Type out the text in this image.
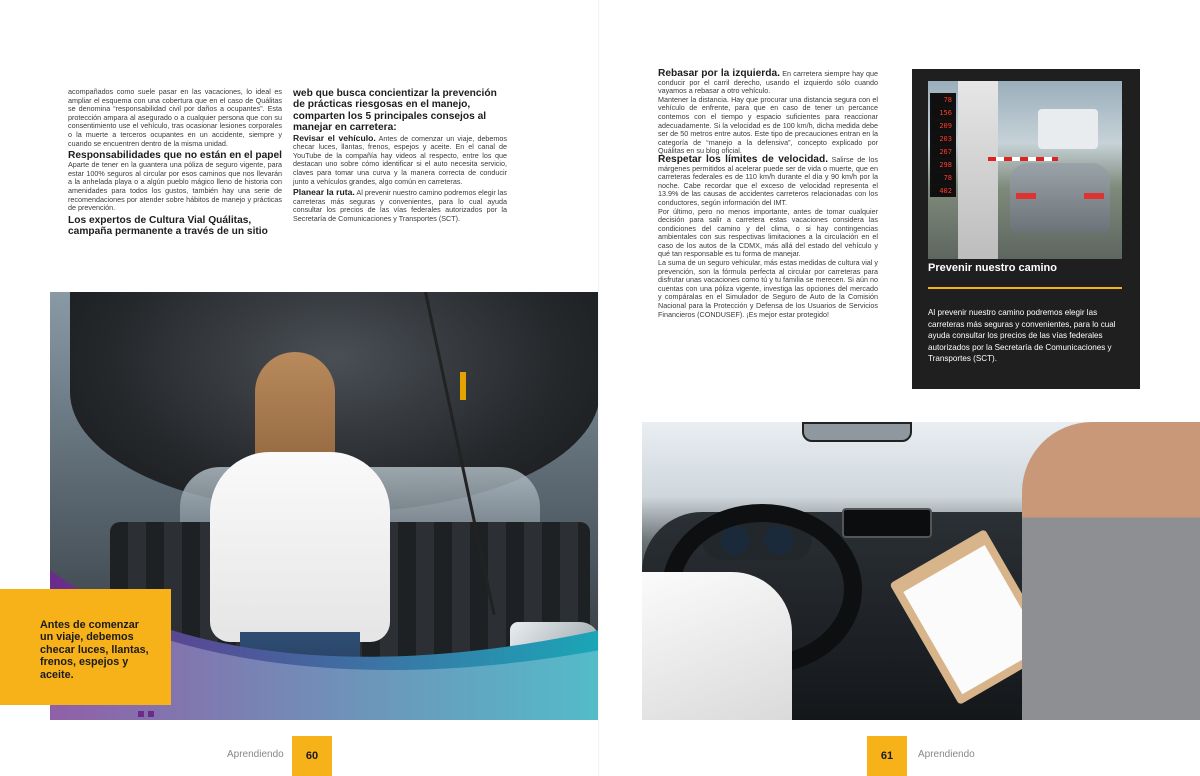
acompañados como suele pasar en las vacaciones, lo ideal es ampliar el esquema con una cobertura que en el caso de Quálitas se denomina “responsabilidad civil por daños a ocupantes”. Esta protección ampara al asegurado o a cualquier persona que con su consentimiento use el vehículo, tras ocasionar lesiones corporales o la muerte a terceros ocupantes en un accidente, siempre y cuando se encuentren dentro de la misma unidad.

Responsabilidades que no están en el papel

Aparte de tener en la guantera una póliza de seguro vigente, para estar 100% seguros al circular por esos caminos que nos llevarán a la anhelada playa o a algún pueblo mágico lleno de historia con amenidades para todos los gustos, también hay una serie de recomendaciones por atender sobre hábitos de manejo y prácticas de prevención.

Los expertos de Cultura Vial Quálitas, campaña permanente a través de un sitio
web que busca concientizar la prevención de prácticas riesgosas en el manejo, comparten los 5 principales consejos al manejar en carretera:

Revisar el vehículo. Antes de comenzar un viaje, debemos checar luces, llantas, frenos, espejos y aceite. En el canal de YouTube de la compañía hay videos al respecto, entre los que destacan uno sobre cómo identificar si el auto necesita servicio, claves para tomar una curva y la manera correcta de conducir junto a vehículos grandes, algo común en carreteras.

Planear la ruta. Al prevenir nuestro camino podremos elegir las carreteras más seguras y convenientes, para lo cual ayuda consultar los precios de las vías federales autorizados por la Secretaría de Comunicaciones y Transportes (SCT).

Antes de comenzar un viaje, debemos checar luces, llantas, frenos, espejos y aceite.
Aprendiendo	60

Rebasar por la izquierda. En carretera siempre hay que conducir por el carril derecho, usando el izquierdo sólo cuando vayamos a rebasar a otro vehículo.

Mantener la distancia. Hay que procurar una distancia segura con el vehículo de enfrente, para que en caso de tener un percance contemos con el tiempo y espacio suficientes para reaccionar adecuadamente. Si la velocidad es de 100 km/h, dicha medida debe ser de 50 metros entre autos. Este tipo de precauciones entran en la categoría de “manejo a la defensiva”, concepto explicado por Quálitas en su blog oficial.

Respetar los límites de velocidad. Salirse de los márgenes permitidos al acelerar puede ser de vida o muerte, que en carreteras federales es de 110 km/h durante el día y 90 km/h por la noche. Cabe recordar que el exceso de velocidad representa el 13.9% de las causas de accidentes carreteros relacionadas con los conductores, según información del IMT.

Por último, pero no menos importante, antes de tomar cualquier decisión para salir a carretera estas vacaciones considera las condiciones del camino y del clima, o si hay contingencias ambientales con sus respectivas limitaciones a la circulación en el caso de los autos de la CDMX, más allá del estado del vehículo y qué tan responsable es tu forma de manejar.

La suma de un seguro vehicular, más estas medidas de cultura vial y prevención, son la fórmula perfecta al circular por carreteras para disfrutar unas vacaciones como tú y tu familia se merecen. Si aún no cuentas con una póliza vigente, investiga las opciones del mercado y compáralas en el Simulador de Seguro de Auto de la Comisión Nacional para la Protección y Defensa de los Usuarios de Servicios Financieros (CONDUSEF). ¡Es mejor estar protegido!

78
156
209
203
267
298
78
402
Prevenir nuestro camino

Al prevenir nuestro camino podremos elegir las carreteras más seguras y convenientes, para lo cual ayuda consultar los precios de las vías federales autorizados por la Secretaría de Comunicaciones y Transportes (SCT).

61	Aprendiendo
